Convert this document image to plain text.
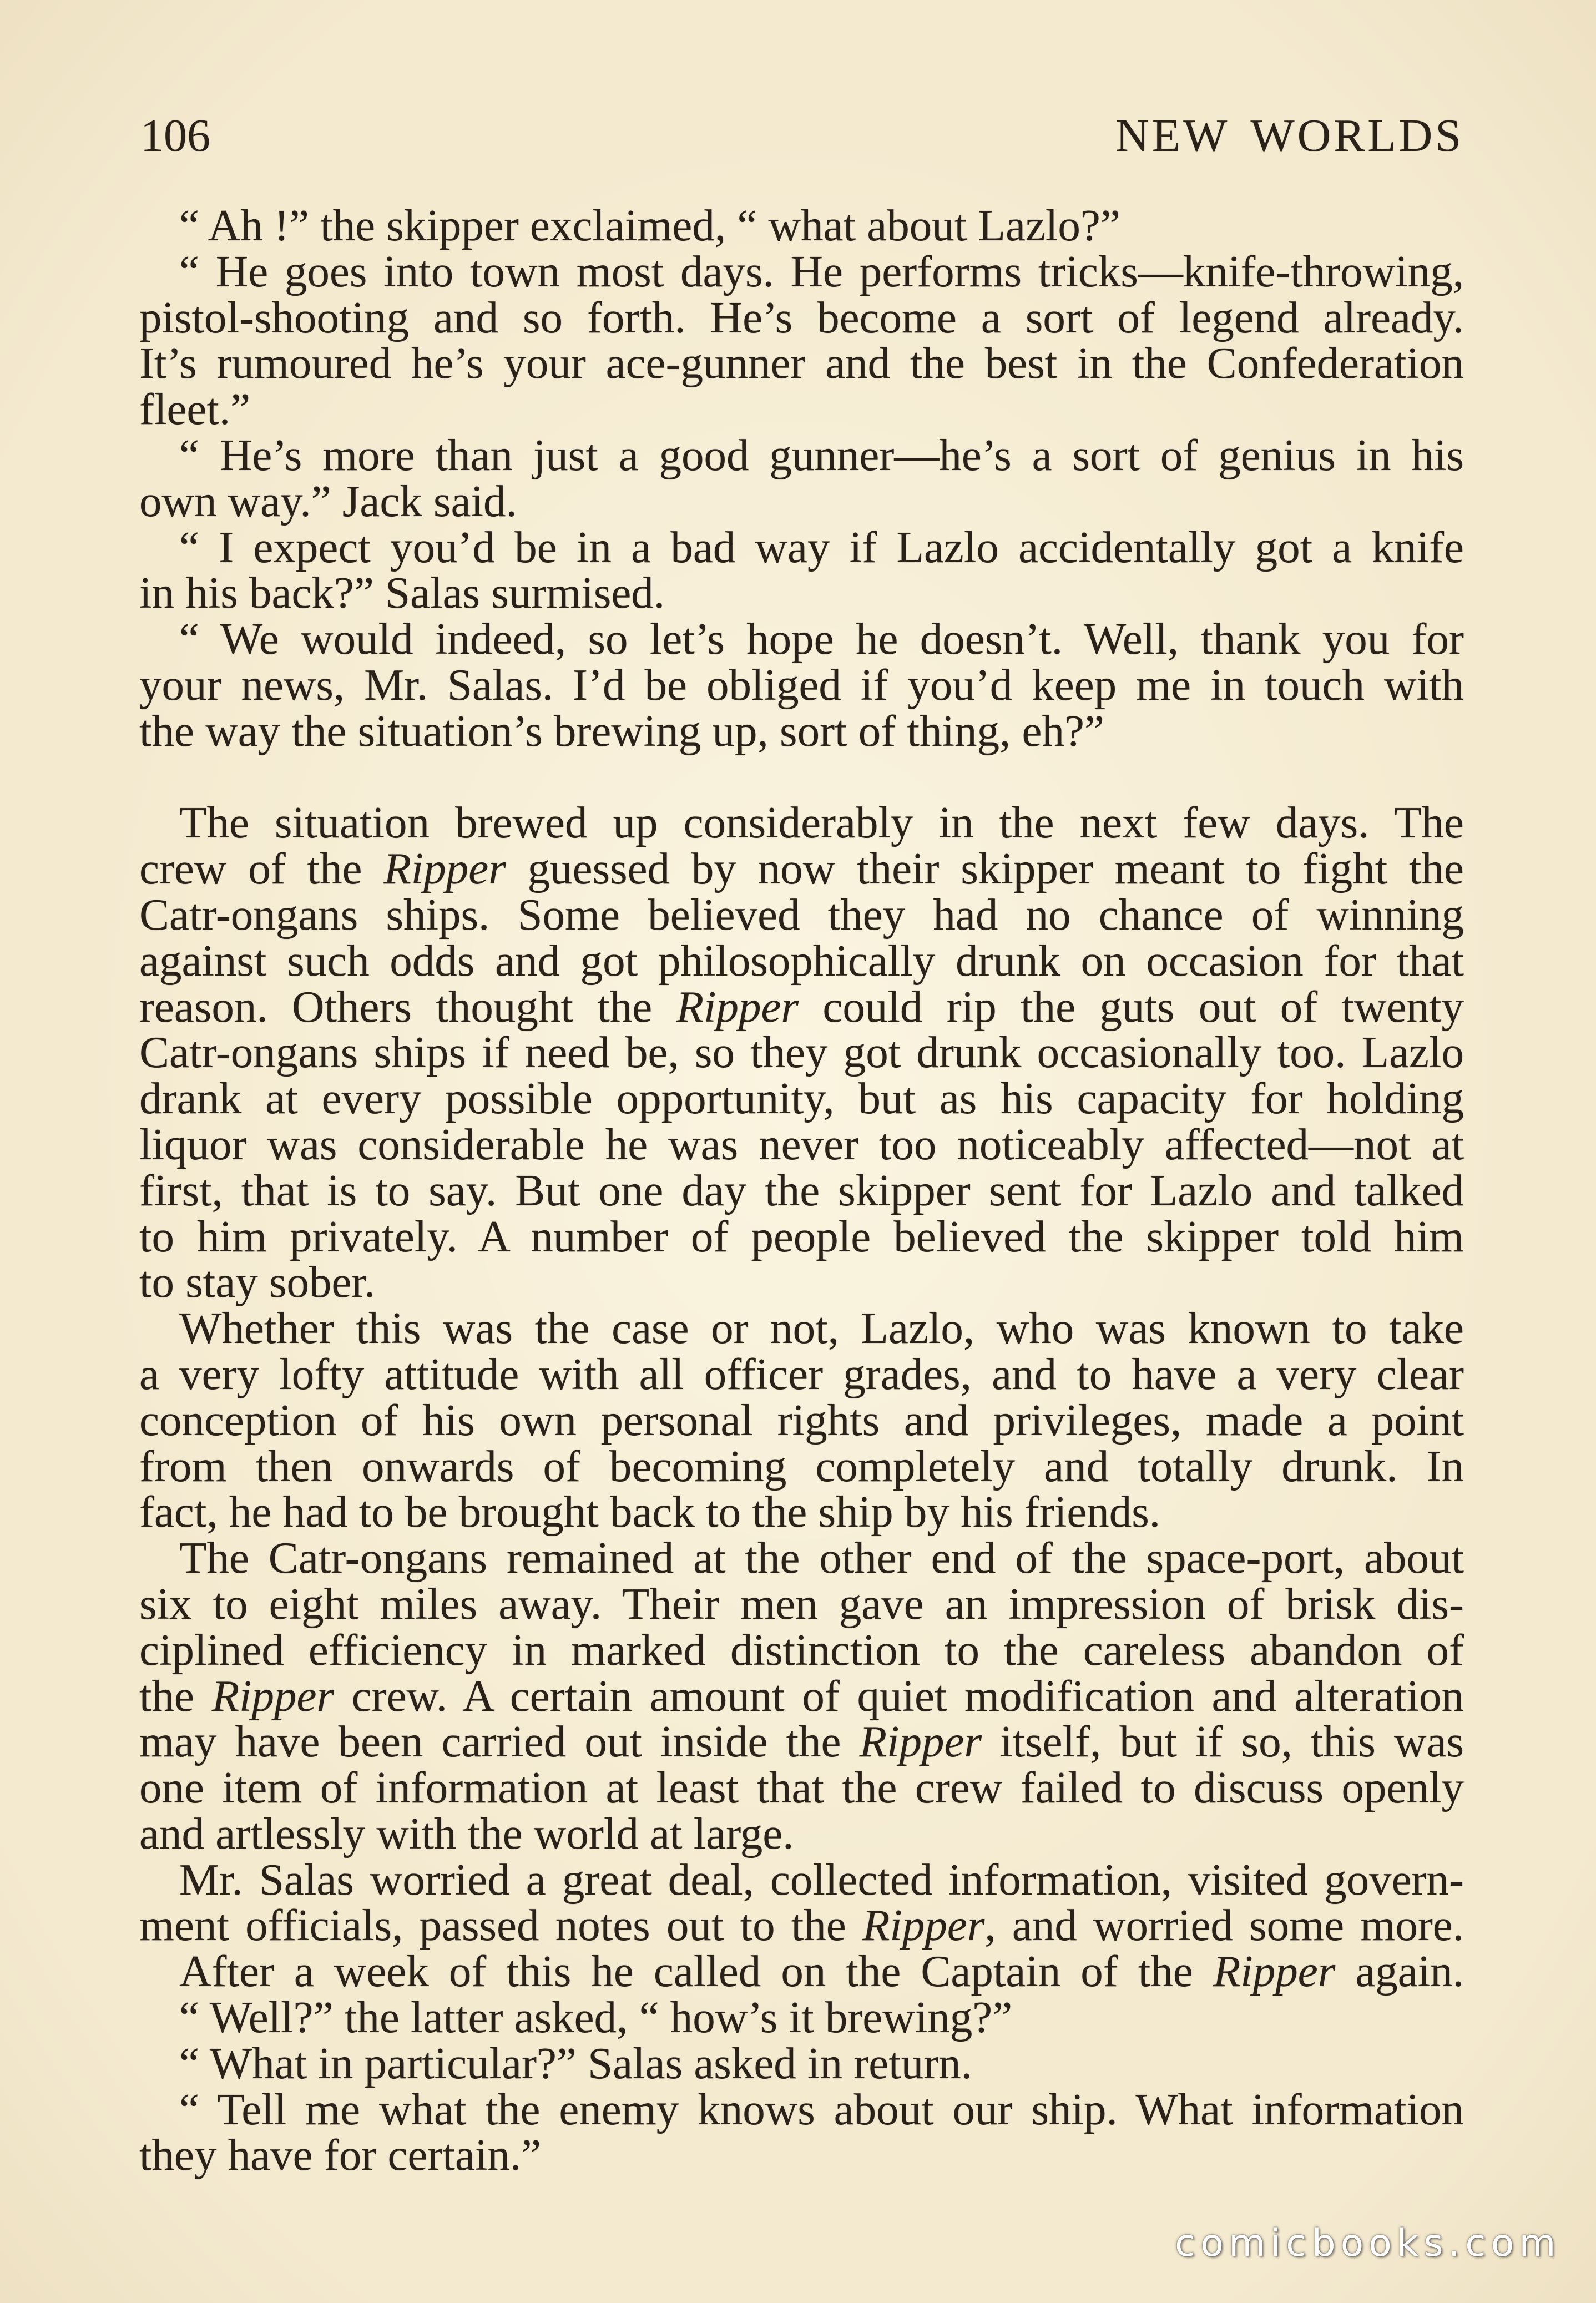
106	NEW WORLDS
“ Ah !” the skipper exclaimed, “ what about Lazlo?”
“ He goes into town most days. He performs tricks—knife-throwing,
pistol-shooting and so forth. He’s become a sort of legend already.
It’s rumoured he’s your ace-gunner and the best in the Confederation
fleet.”
“ He’s more than just a good gunner—he’s a sort of genius in his
own way.” Jack said.
“ I expect you’d be in a bad way if Lazlo accidentally got a knife
in his back?” Salas surmised.
“ We would indeed, so let’s hope he doesn’t. Well, thank you for
your news, Mr. Salas. I’d be obliged if you’d keep me in touch with
the way the situation’s brewing up, sort of thing, eh?”
The situation brewed up considerably in the next few days. The
crew of the Ripper guessed by now their skipper meant to fight the
Catr-ongans ships. Some believed they had no chance of winning
against such odds and got philosophically drunk on occasion for that
reason. Others thought the Ripper could rip the guts out of twenty
Catr-ongans ships if need be, so they got drunk occasionally too. Lazlo
drank at every possible opportunity, but as his capacity for holding
liquor was considerable he was never too noticeably affected—not at
first, that is to say. But one day the skipper sent for Lazlo and talked
to him privately. A number of people believed the skipper told him
to stay sober.
Whether this was the case or not, Lazlo, who was known to take
a very lofty attitude with all officer grades, and to have a very clear
conception of his own personal rights and privileges, made a point
from then onwards of becoming completely and totally drunk. In
fact, he had to be brought back to the ship by his friends.
The Catr-ongans remained at the other end of the space-port, about
six to eight miles away. Their men gave an impression of brisk dis-
ciplined efficiency in marked distinction to the careless abandon of
the Ripper crew. A certain amount of quiet modification and alteration
may have been carried out inside the Ripper itself, but if so, this was
one item of information at least that the crew failed to discuss openly
and artlessly with the world at large.
Mr. Salas worried a great deal, collected information, visited govern-
ment officials, passed notes out to the Ripper, and worried some more.
After a week of this he called on the Captain of the Ripper again.
“ Well?” the latter asked, “ how’s it brewing?”
“ What in particular?” Salas asked in return.
“ Tell me what the enemy knows about our ship. What information
they have for certain.”
comicbooks.com
